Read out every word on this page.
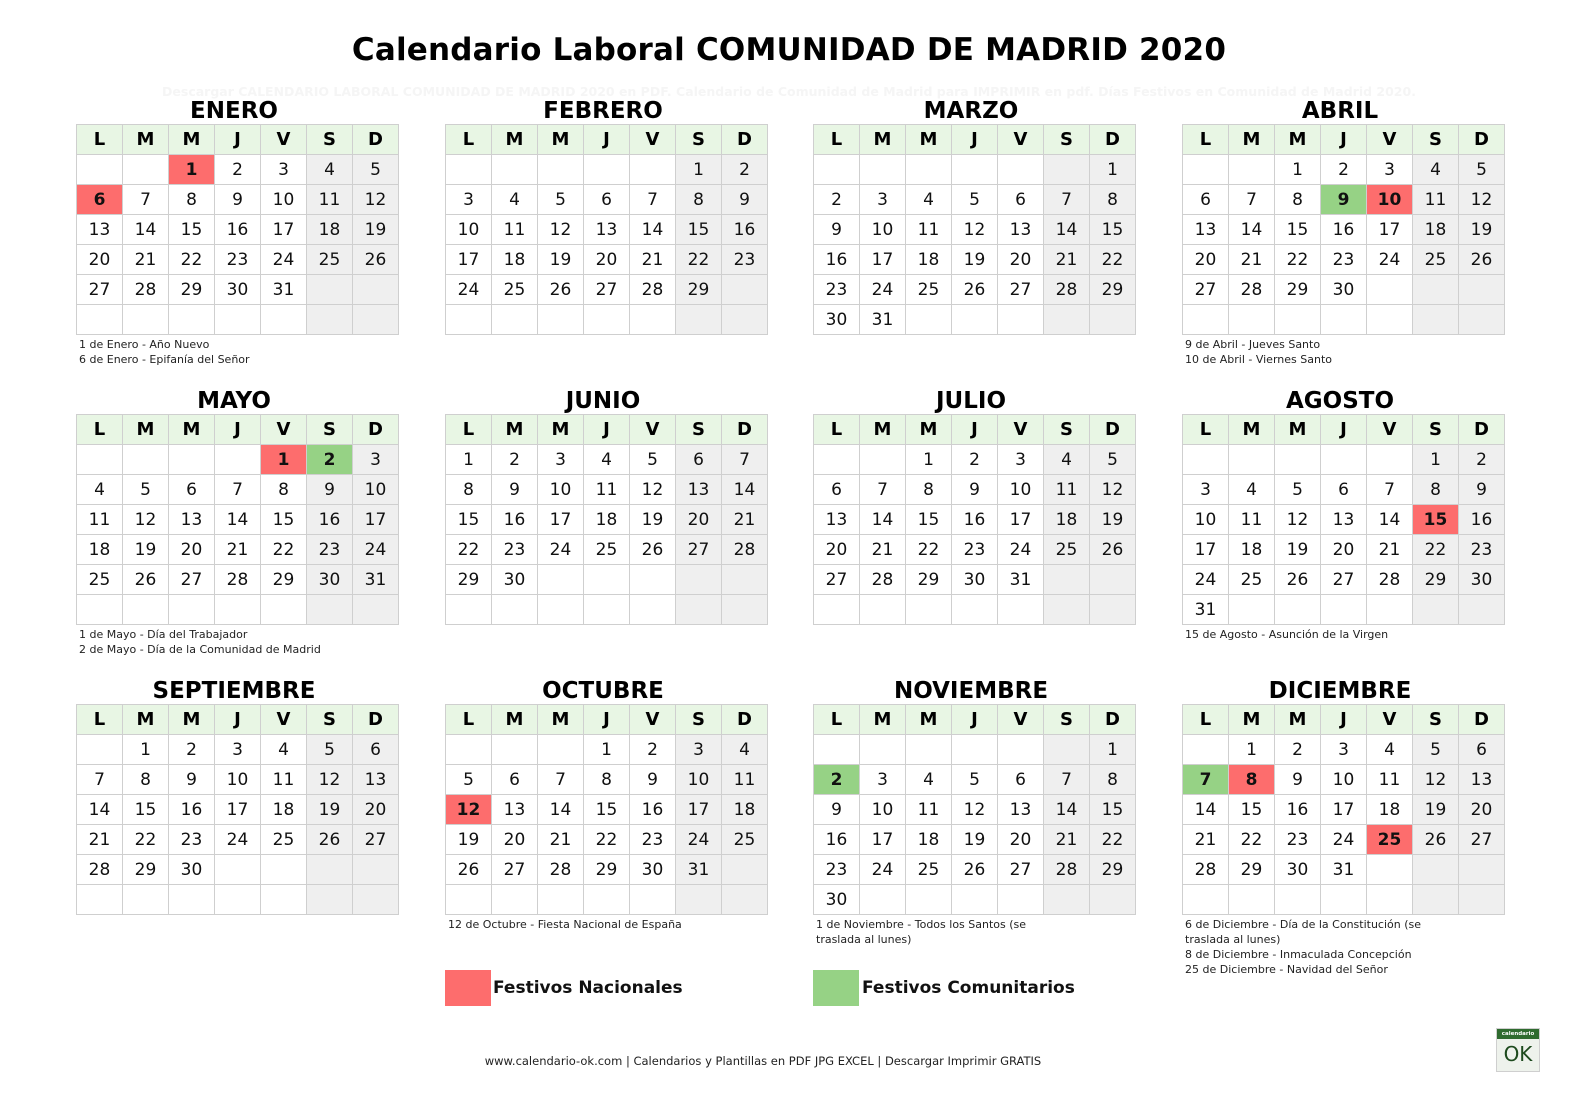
Calendario Laboral COMUNIDAD DE MADRID 2020
Descargar CALENDARIO LABORAL COMUNIDAD DE MADRID 2020 en PDF. Calendario de Comunidad de Madrid para IMPRIMIR en pdf. Días Festivos en Comunidad de Madrid 2020.
ENERO
L	M	M	J	V	S	D
		1	2	3	4	5
6	7	8	9	10	11	12
13	14	15	16	17	18	19
20	21	22	23	24	25	26
27	28	29	30	31		

1 de Enero - Año Nuevo
6 de Enero - Epifanía del Señor
FEBRERO
L	M	M	J	V	S	D
					1	2
3	4	5	6	7	8	9
10	11	12	13	14	15	16
17	18	19	20	21	22	23
24	25	26	27	28	29	

MARZO
L	M	M	J	V	S	D
						1
2	3	4	5	6	7	8
9	10	11	12	13	14	15
16	17	18	19	20	21	22
23	24	25	26	27	28	29
30	31					
ABRIL
L	M	M	J	V	S	D
		1	2	3	4	5
6	7	8	9	10	11	12
13	14	15	16	17	18	19
20	21	22	23	24	25	26
27	28	29	30			

9 de Abril - Jueves Santo
10 de Abril - Viernes Santo
MAYO
L	M	M	J	V	S	D
				1	2	3
4	5	6	7	8	9	10
11	12	13	14	15	16	17
18	19	20	21	22	23	24
25	26	27	28	29	30	31

1 de Mayo - Día del Trabajador
2 de Mayo - Día de la Comunidad de Madrid
JUNIO
L	M	M	J	V	S	D
1	2	3	4	5	6	7
8	9	10	11	12	13	14
15	16	17	18	19	20	21
22	23	24	25	26	27	28
29	30					

JULIO
L	M	M	J	V	S	D
		1	2	3	4	5
6	7	8	9	10	11	12
13	14	15	16	17	18	19
20	21	22	23	24	25	26
27	28	29	30	31		

AGOSTO
L	M	M	J	V	S	D
					1	2
3	4	5	6	7	8	9
10	11	12	13	14	15	16
17	18	19	20	21	22	23
24	25	26	27	28	29	30
31						
15 de Agosto - Asunción de la Virgen
SEPTIEMBRE
L	M	M	J	V	S	D
	1	2	3	4	5	6
7	8	9	10	11	12	13
14	15	16	17	18	19	20
21	22	23	24	25	26	27
28	29	30				

OCTUBRE
L	M	M	J	V	S	D
			1	2	3	4
5	6	7	8	9	10	11
12	13	14	15	16	17	18
19	20	21	22	23	24	25
26	27	28	29	30	31	

12 de Octubre - Fiesta Nacional de España
NOVIEMBRE
L	M	M	J	V	S	D
						1
2	3	4	5	6	7	8
9	10	11	12	13	14	15
16	17	18	19	20	21	22
23	24	25	26	27	28	29
30						
1 de Noviembre - Todos los Santos (se
traslada al lunes)
DICIEMBRE
L	M	M	J	V	S	D
	1	2	3	4	5	6
7	8	9	10	11	12	13
14	15	16	17	18	19	20
21	22	23	24	25	26	27
28	29	30	31			

6 de Diciembre - Día de la Constitución (se
traslada al lunes)
8 de Diciembre - Inmaculada Concepción
25 de Diciembre - Navidad del Señor
Festivos Nacionales	Festivos Comunitarios
www.calendario-ok.com | Calendarios y Plantillas en PDF JPG EXCEL | Descargar Imprimir GRATIS
calendario
OK
